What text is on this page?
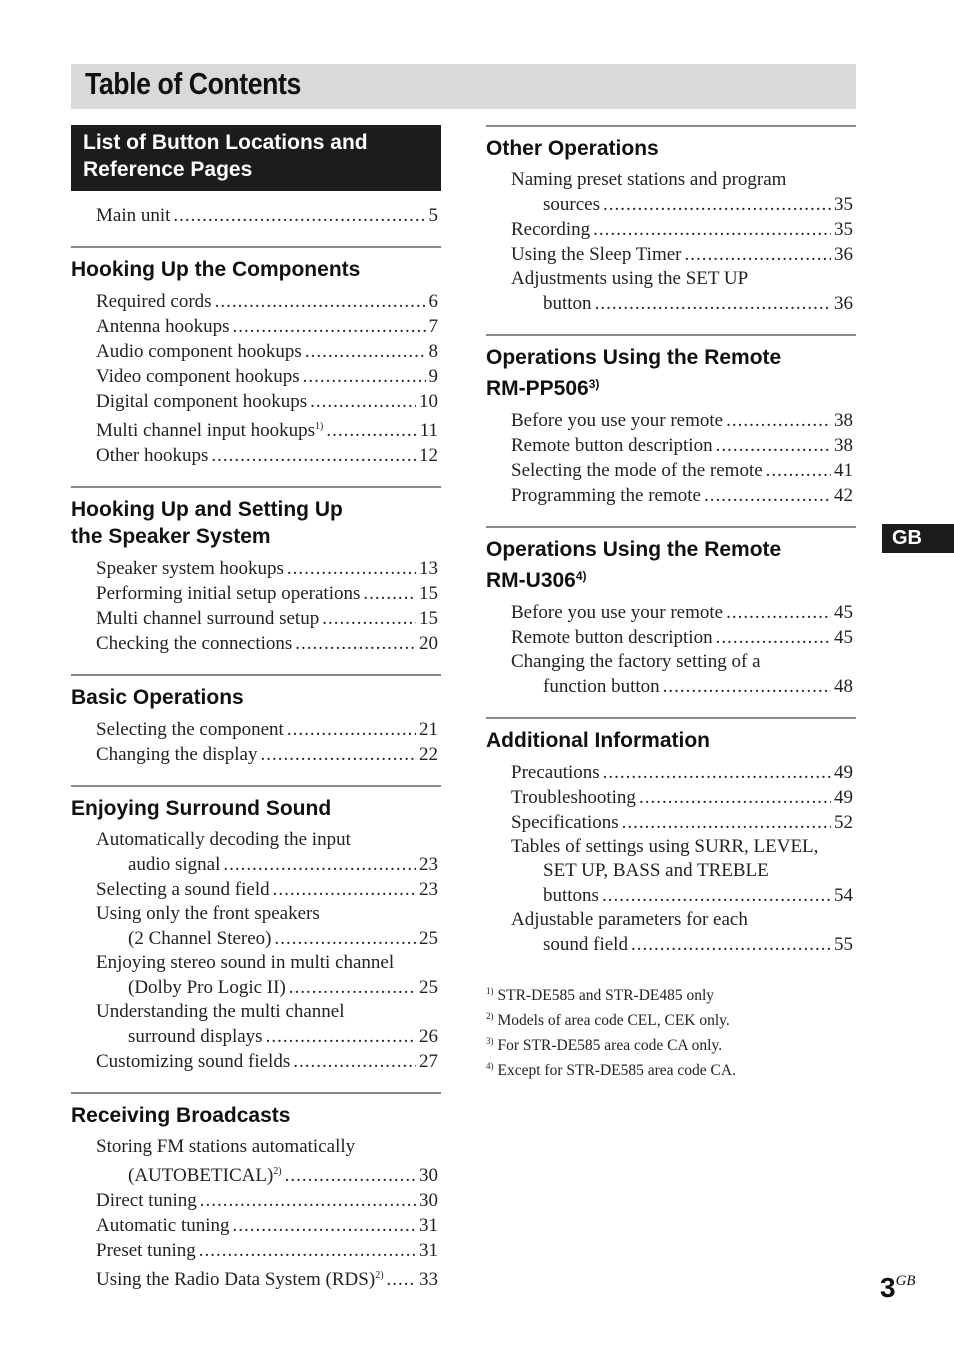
Table of Contents
List of Button Locations and
Reference Pages
Main unit .....	5
Hooking Up the Components
Required cords .....	6
Antenna hookups .....	7
Audio component hookups .....	8
Video component hookups .....	9
Digital component hookups .....	10
Multi channel input hookups$^{1)}$ .....	11
Other hookups .....	12
Hooking Up and Setting Up
the Speaker System
Speaker system hookups .....	13
Performing initial setup operations .....	15
Multi channel surround setup .....	15
Checking the connections .....	20
Basic Operations
Selecting the component .....	21
Changing the display .....	22
Enjoying Surround Sound
Automatically decoding the input
audio signal .....	23
Selecting a sound field .....	23
Using only the front speakers
(2 Channel Stereo) .....	25
Enjoying stereo sound in multi channel
(Dolby Pro Logic II) .....	25
Understanding the multi channel
surround displays .....	26
Customizing sound fields .....	27
Receiving Broadcasts
Storing FM stations automatically
(AUTOBETICAL)$^{2)}$ .....	30
Direct tuning .....	30
Automatic tuning .....	31
Preset tuning .....	31
Using the Radio Data System (RDS)$^{2)}$ ..... 33
Other Operations
Naming preset stations and program
sources .....	35
Recording .....	35
Using the Sleep Timer .....	36
Adjustments using the SET UP
button .....	36
Operations Using the Remote
RM-PP506$^{3)}$
Before you use your remote .....	38
Remote button description .....	38
Selecting the mode of the remote .....	41
Programming the remote .....	42
Operations Using the Remote
RM-U306$^{4)}$
Before you use your remote .....	45
Remote button description .....	45
Changing the factory setting of a
function button .....	48
Additional Information
Precautions .....	49
Troubleshooting .....	49
Specifications .....	52
Tables of settings using SURR, LEVEL,
SET UP, BASS and TREBLE
buttons .....	54
Adjustable parameters for each
sound field .....	55
$^{1)}$ STR-DE585 and STR-DE485 only
$^{2)}$ Models of area code CEL, CEK only.
$^{3)}$ For STR-DE585 area code CA only.
$^{4)}$ Except for STR-DE585 area code CA.
GB
$3^{GB}$
